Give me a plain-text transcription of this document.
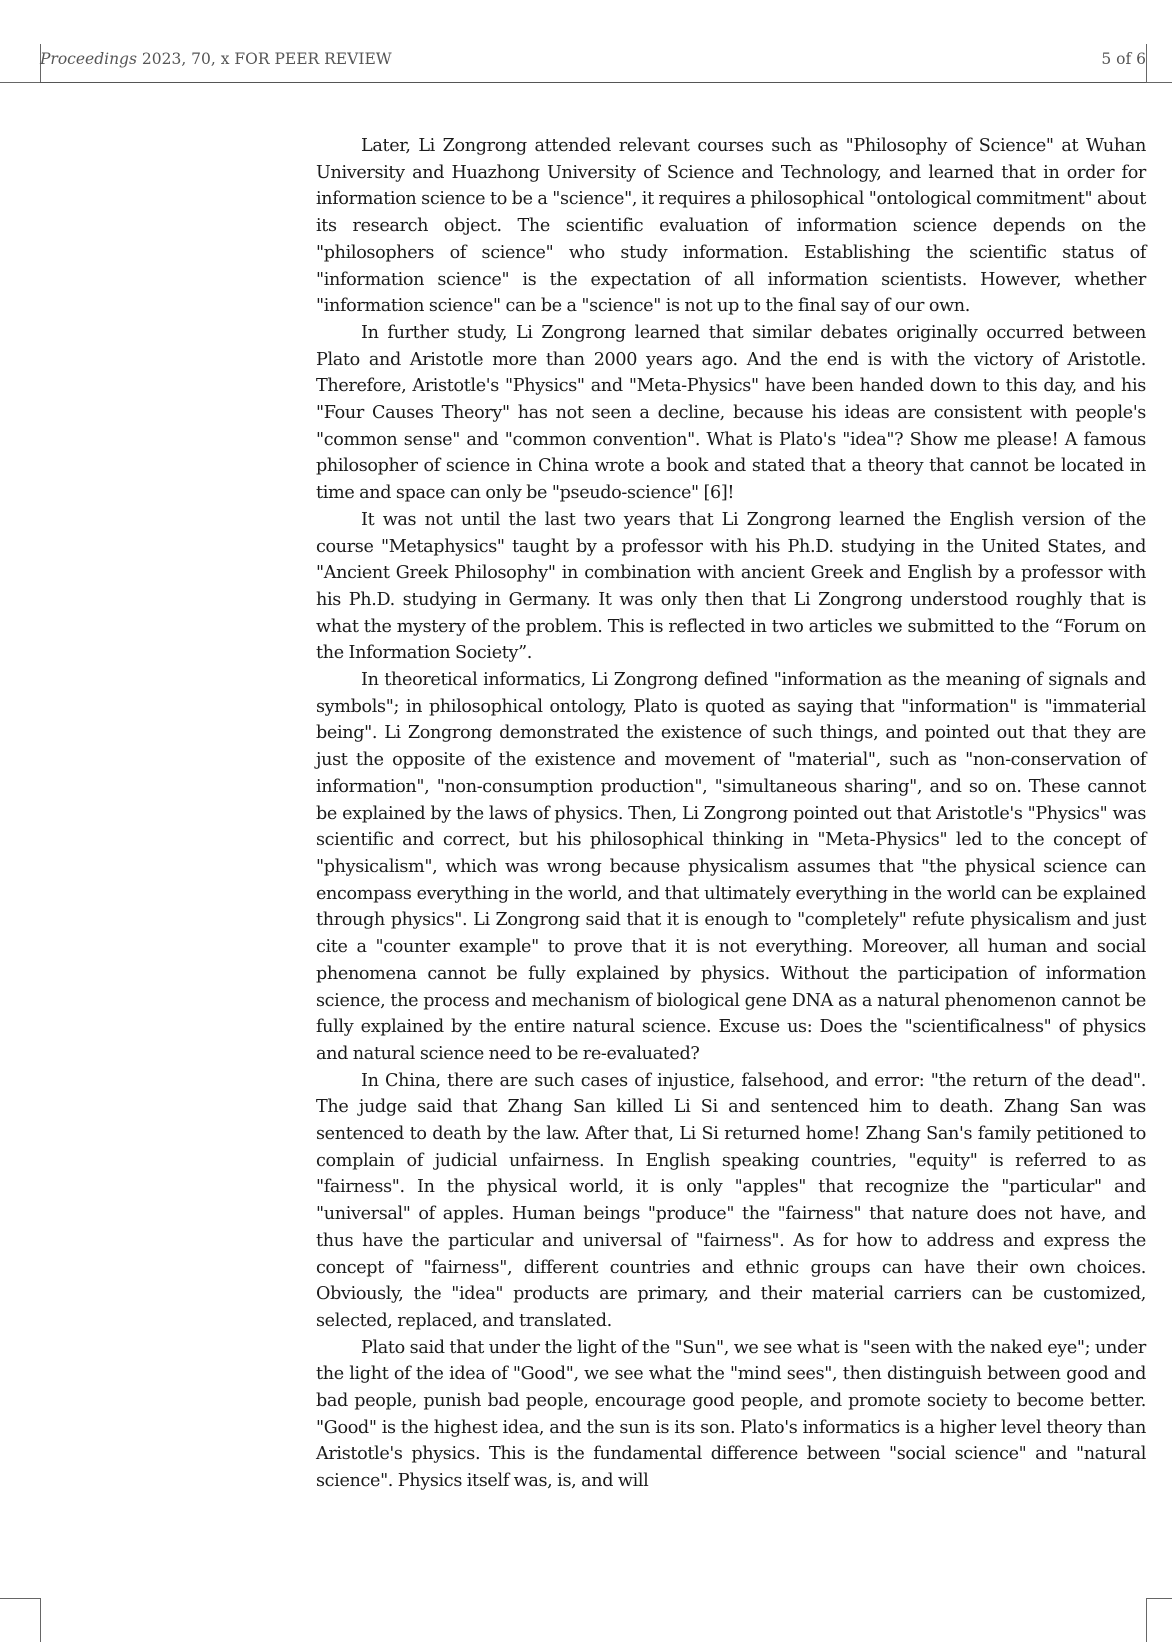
Proceedings 2023, 70, x FOR PEER REVIEW	5 of 6

Later, Li Zongrong attended relevant courses such as "Philosophy of Science" at Wuhan University and Huazhong University of Science and Technology, and learned that in order for information science to be a "science", it requires a philosophical "ontological commitment" about its research object. The scientific evaluation of information science depends on the "philosophers of science" who study information. Establishing the scientific status of "information science" is the expectation of all information scientists. However, whether "information science" can be a "science" is not up to the final say of our own.

In further study, Li Zongrong learned that similar debates originally occurred between Plato and Aristotle more than 2000 years ago. And the end is with the victory of Aristotle. Therefore, Aristotle's "Physics" and "Meta-Physics" have been handed down to this day, and his "Four Causes Theory" has not seen a decline, because his ideas are consistent with people's "common sense" and "common convention". What is Plato's "idea"? Show me please! A famous philosopher of science in China wrote a book and stated that a theory that cannot be located in time and space can only be "pseudo-science" [6]!

It was not until the last two years that Li Zongrong learned the English version of the course "Metaphysics" taught by a professor with his Ph.D. studying in the United States, and "Ancient Greek Philosophy" in combination with ancient Greek and English by a professor with his Ph.D. studying in Germany. It was only then that Li Zongrong understood roughly that is what the mystery of the problem. This is reflected in two articles we submitted to the “Forum on the Information Society”.

In theoretical informatics, Li Zongrong defined "information as the meaning of signals and symbols"; in philosophical ontology, Plato is quoted as saying that "information" is "immaterial being". Li Zongrong demonstrated the existence of such things, and pointed out that they are just the opposite of the existence and movement of "material", such as "non-conservation of information", "non-consumption production", "simultaneous sharing", and so on. These cannot be explained by the laws of physics. Then, Li Zongrong pointed out that Aristotle's "Physics" was scientific and correct, but his philosophical thinking in "Meta-Physics" led to the concept of "physicalism", which was wrong because physicalism assumes that "the physical science can encompass everything in the world, and that ultimately everything in the world can be explained through physics". Li Zongrong said that it is enough to "completely" refute physicalism and just cite a "counter example" to prove that it is not everything. Moreover, all human and social phenomena cannot be fully explained by physics. Without the participation of information science, the process and mechanism of biological gene DNA as a natural phenomenon cannot be fully explained by the entire natural science. Excuse us: Does the "scientificalness" of physics and natural science need to be re-evaluated?

In China, there are such cases of injustice, falsehood, and error: "the return of the dead". The judge said that Zhang San killed Li Si and sentenced him to death. Zhang San was sentenced to death by the law. After that, Li Si returned home! Zhang San's family petitioned to complain of judicial unfairness. In English speaking countries, "equity" is referred to as "fairness". In the physical world, it is only "apples" that recognize the "particular" and "universal" of apples. Human beings "produce" the "fairness" that nature does not have, and thus have the particular and universal of "fairness". As for how to address and express the concept of "fairness", different countries and ethnic groups can have their own choices. Obviously, the "idea" products are primary, and their material carriers can be customized, selected, replaced, and translated.

Plato said that under the light of the "Sun", we see what is "seen with the naked eye"; under the light of the idea of "Good", we see what the "mind sees", then distinguish between good and bad people, punish bad people, encourage good people, and promote society to become better. "Good" is the highest idea, and the sun is its son. Plato's informatics is a higher level theory than Aristotle's physics. This is the fundamental difference between "social science" and "natural science". Physics itself was, is, and will
